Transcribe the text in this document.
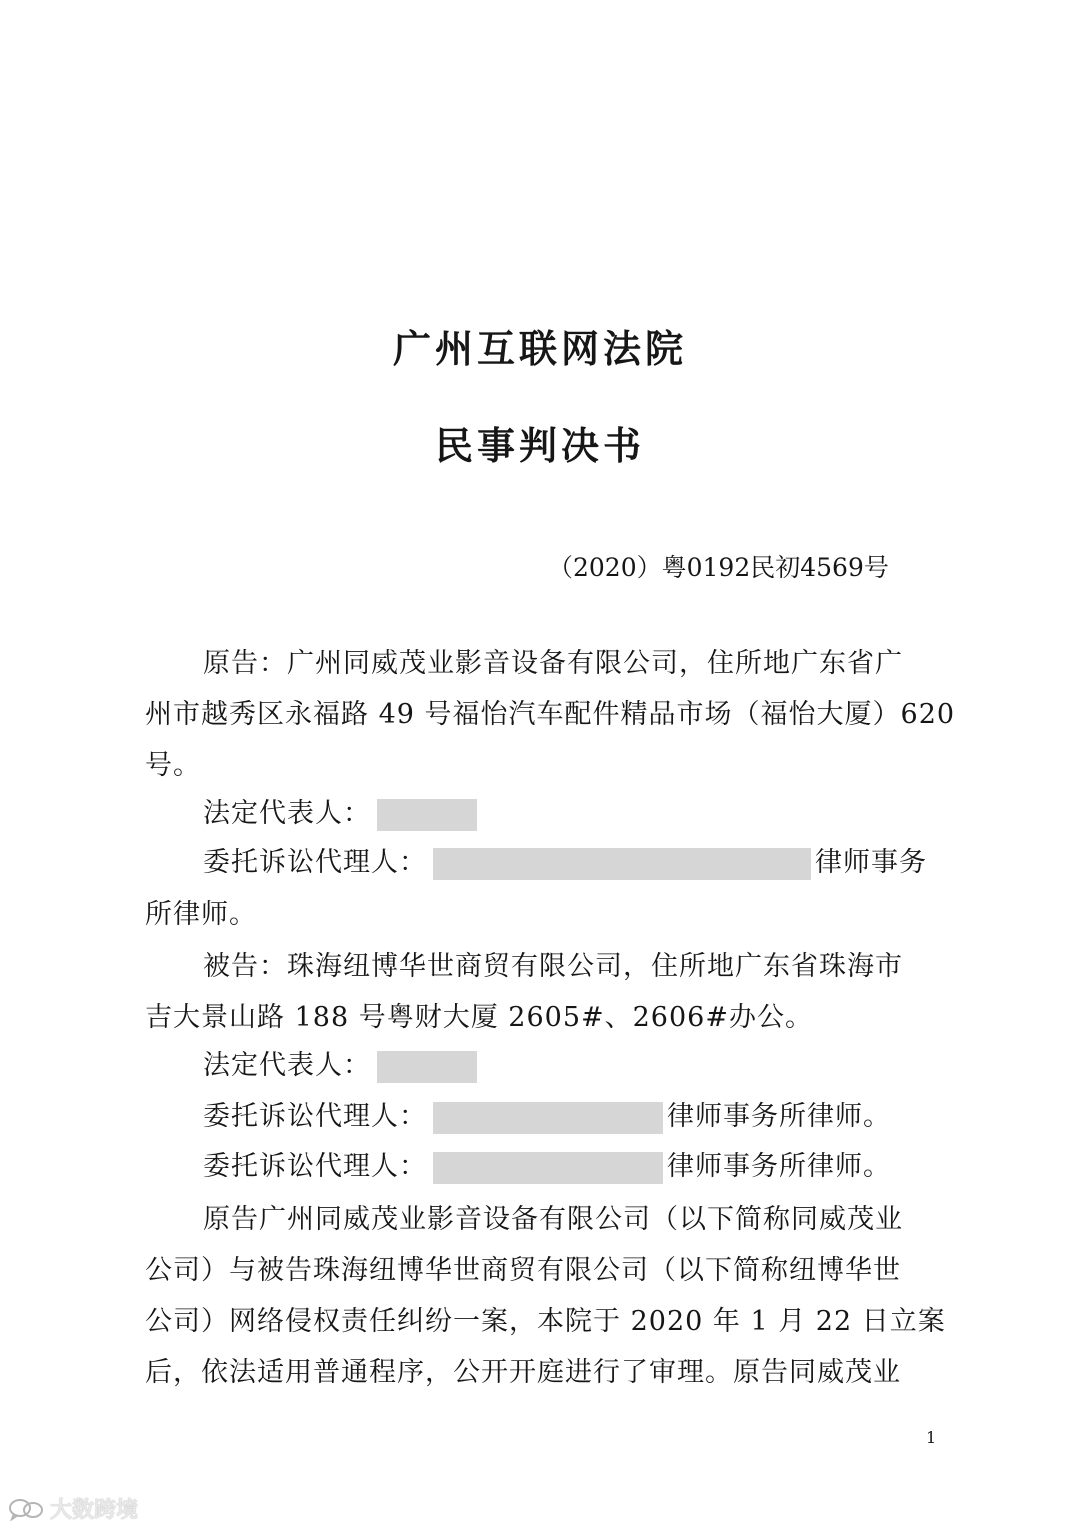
广州互联网法院
民事判决书
（2020）粤0192民初4569号
原告：广州同威茂业影音设备有限公司，住所地广东省广
州市越秀区永福路 49 号福怡汽车配件精品市场（福怡大厦）620
号。
法定代表人：
委托诉讼代理人：	律师事务
所律师。
被告：珠海纽博华世商贸有限公司，住所地广东省珠海市
吉大景山路 188 号粤财大厦 2605#、2606#办公。
法定代表人：
委托诉讼代理人：	律师事务所律师。
委托诉讼代理人：	律师事务所律师。
原告广州同威茂业影音设备有限公司（以下简称同威茂业
公司）与被告珠海纽博华世商贸有限公司（以下简称纽博华世
公司）网络侵权责任纠纷一案，本院于 2020 年 1 月 22 日立案
后，依法适用普通程序，公开开庭进行了审理。原告同威茂业
1
大数跨境
